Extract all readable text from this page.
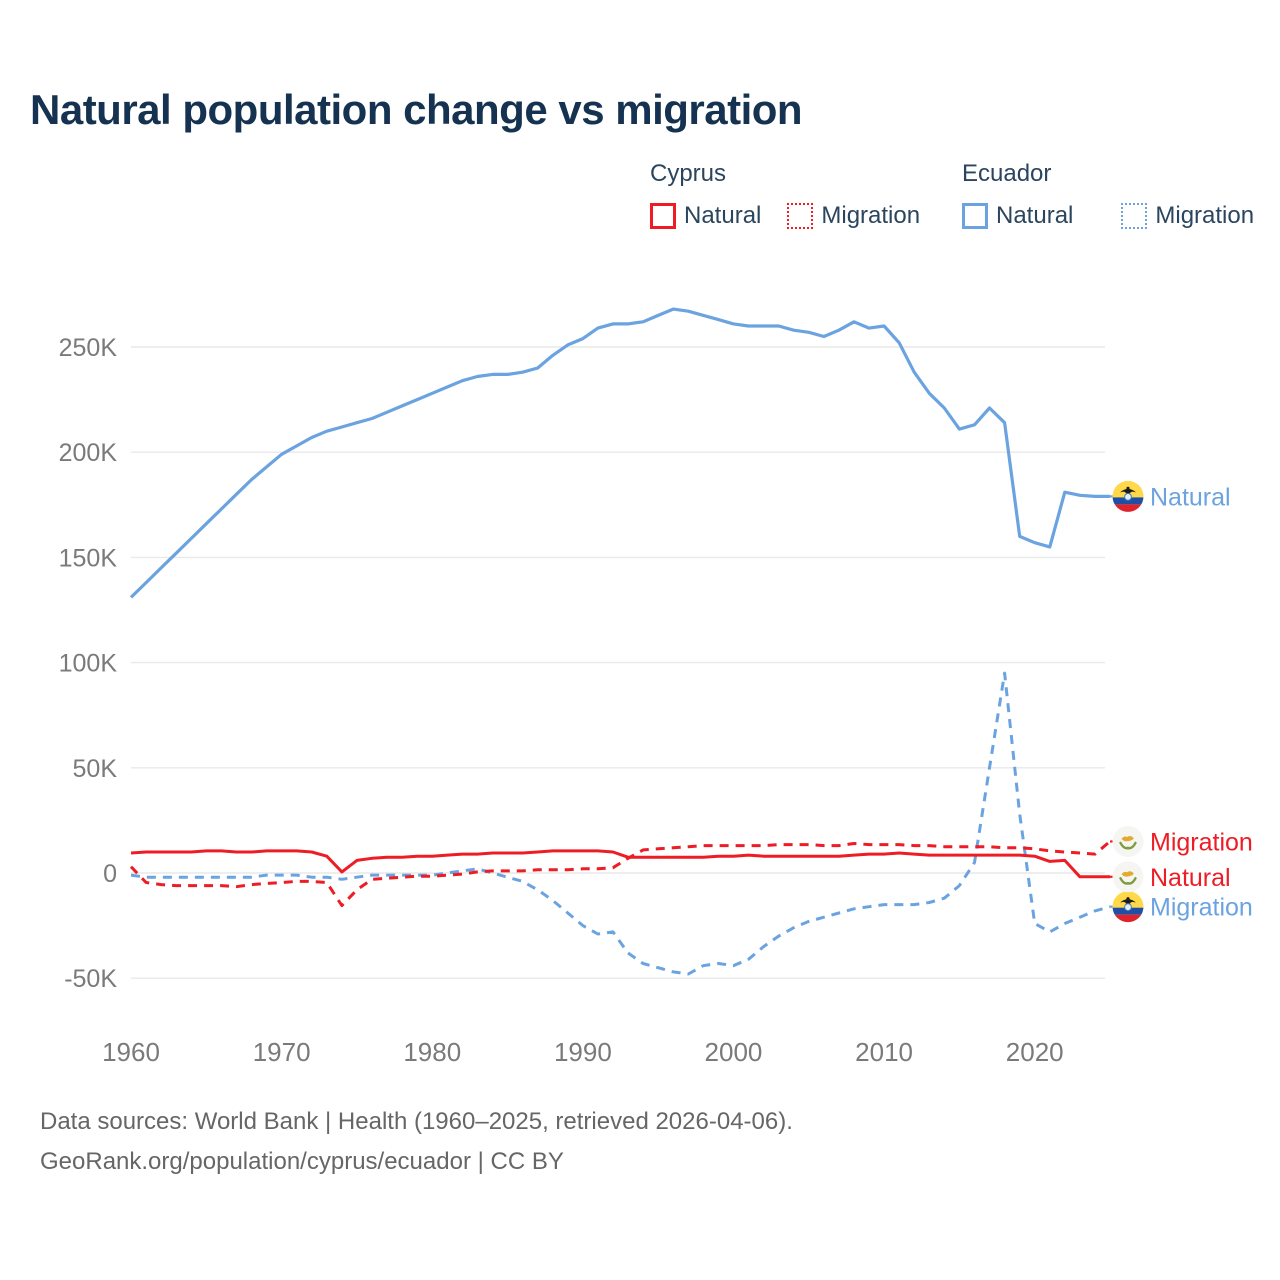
Natural population change vs migration
Cyprus
Natural	Migration
Ecuador
Natural	Migration
250K
200K
150K
100K
50K
0
-50K
1960	1970	1980	1990	2000	2010	2020
Natural
Migration
Natural
Migration
Data sources: World Bank | Health (1960–2025, retrieved 2026-04-06).
GeoRank.org/population/cyprus/ecuador | CC BY
